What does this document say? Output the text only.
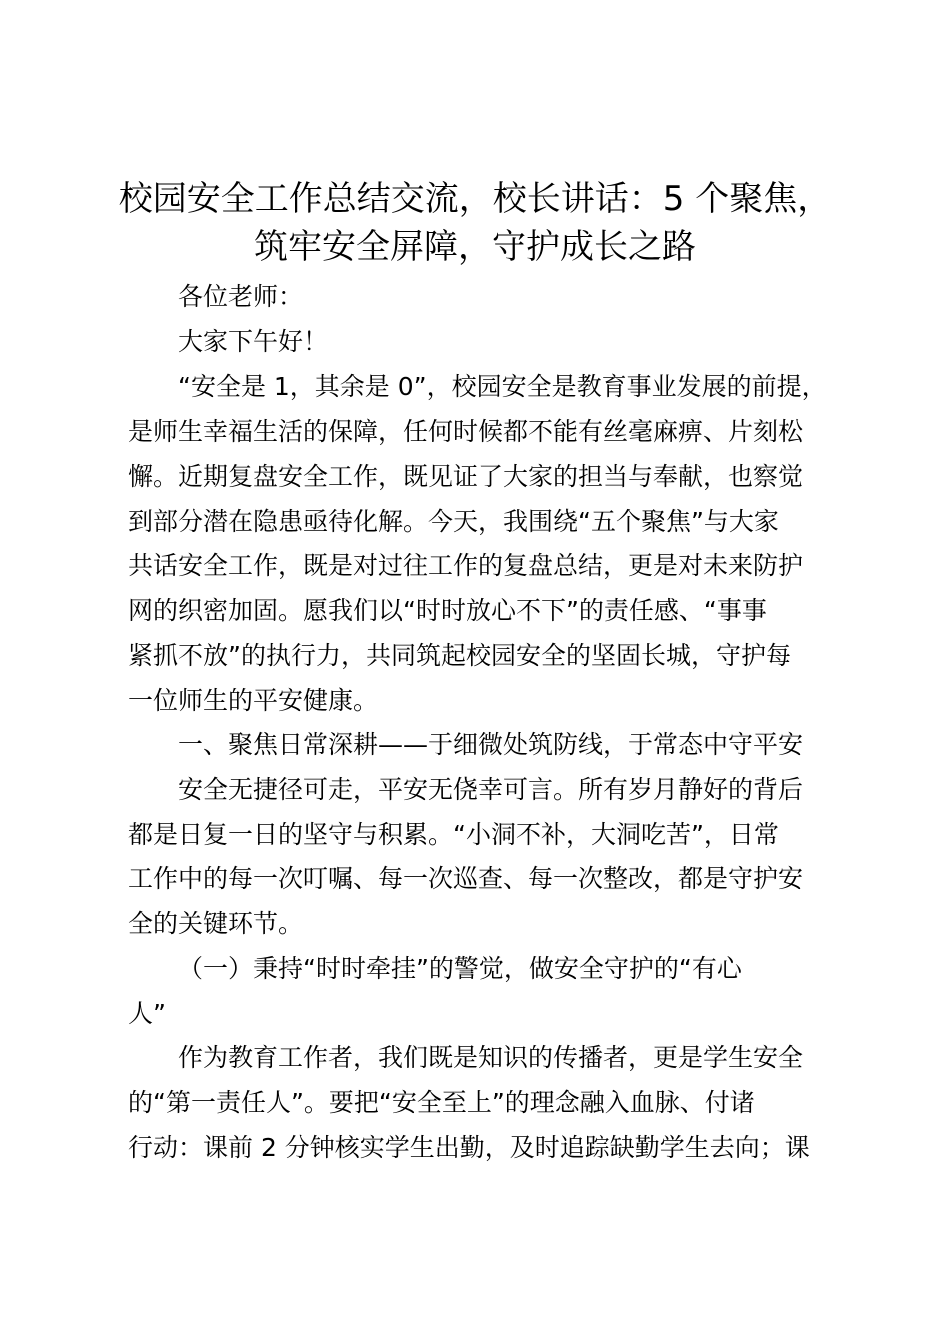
校园安全工作总结交流，校长讲话：5 个聚焦，
筑牢安全屏障，守护成长之路
各位老师：
大家下午好！
“安全是 1，其余是 0”，校园安全是教育事业发展的前提，
是师生幸福生活的保障，任何时候都不能有丝毫麻痹、片刻松
懈。近期复盘安全工作，既见证了大家的担当与奉献，也察觉
到部分潜在隐患亟待化解。今天，我围绕“五个聚焦”与大家
共话安全工作，既是对过往工作的复盘总结，更是对未来防护
网的织密加固。愿我们以“时时放心不下”的责任感、“事事
紧抓不放”的执行力，共同筑起校园安全的坚固长城，守护每
一位师生的平安健康。
一、聚焦日常深耕——于细微处筑防线，于常态中守平安
安全无捷径可走，平安无侥幸可言。所有岁月静好的背后
都是日复一日的坚守与积累。“小洞不补，大洞吃苦”，日常
工作中的每一次叮嘱、每一次巡查、每一次整改，都是守护安
全的关键环节。
（一）秉持“时时牵挂”的警觉，做安全守护的“有心
人”
作为教育工作者，我们既是知识的传播者，更是学生安全
的“第一责任人”。要把“安全至上”的理念融入血脉、付诸
行动：课前 2 分钟核实学生出勤，及时追踪缺勤学生去向；课
